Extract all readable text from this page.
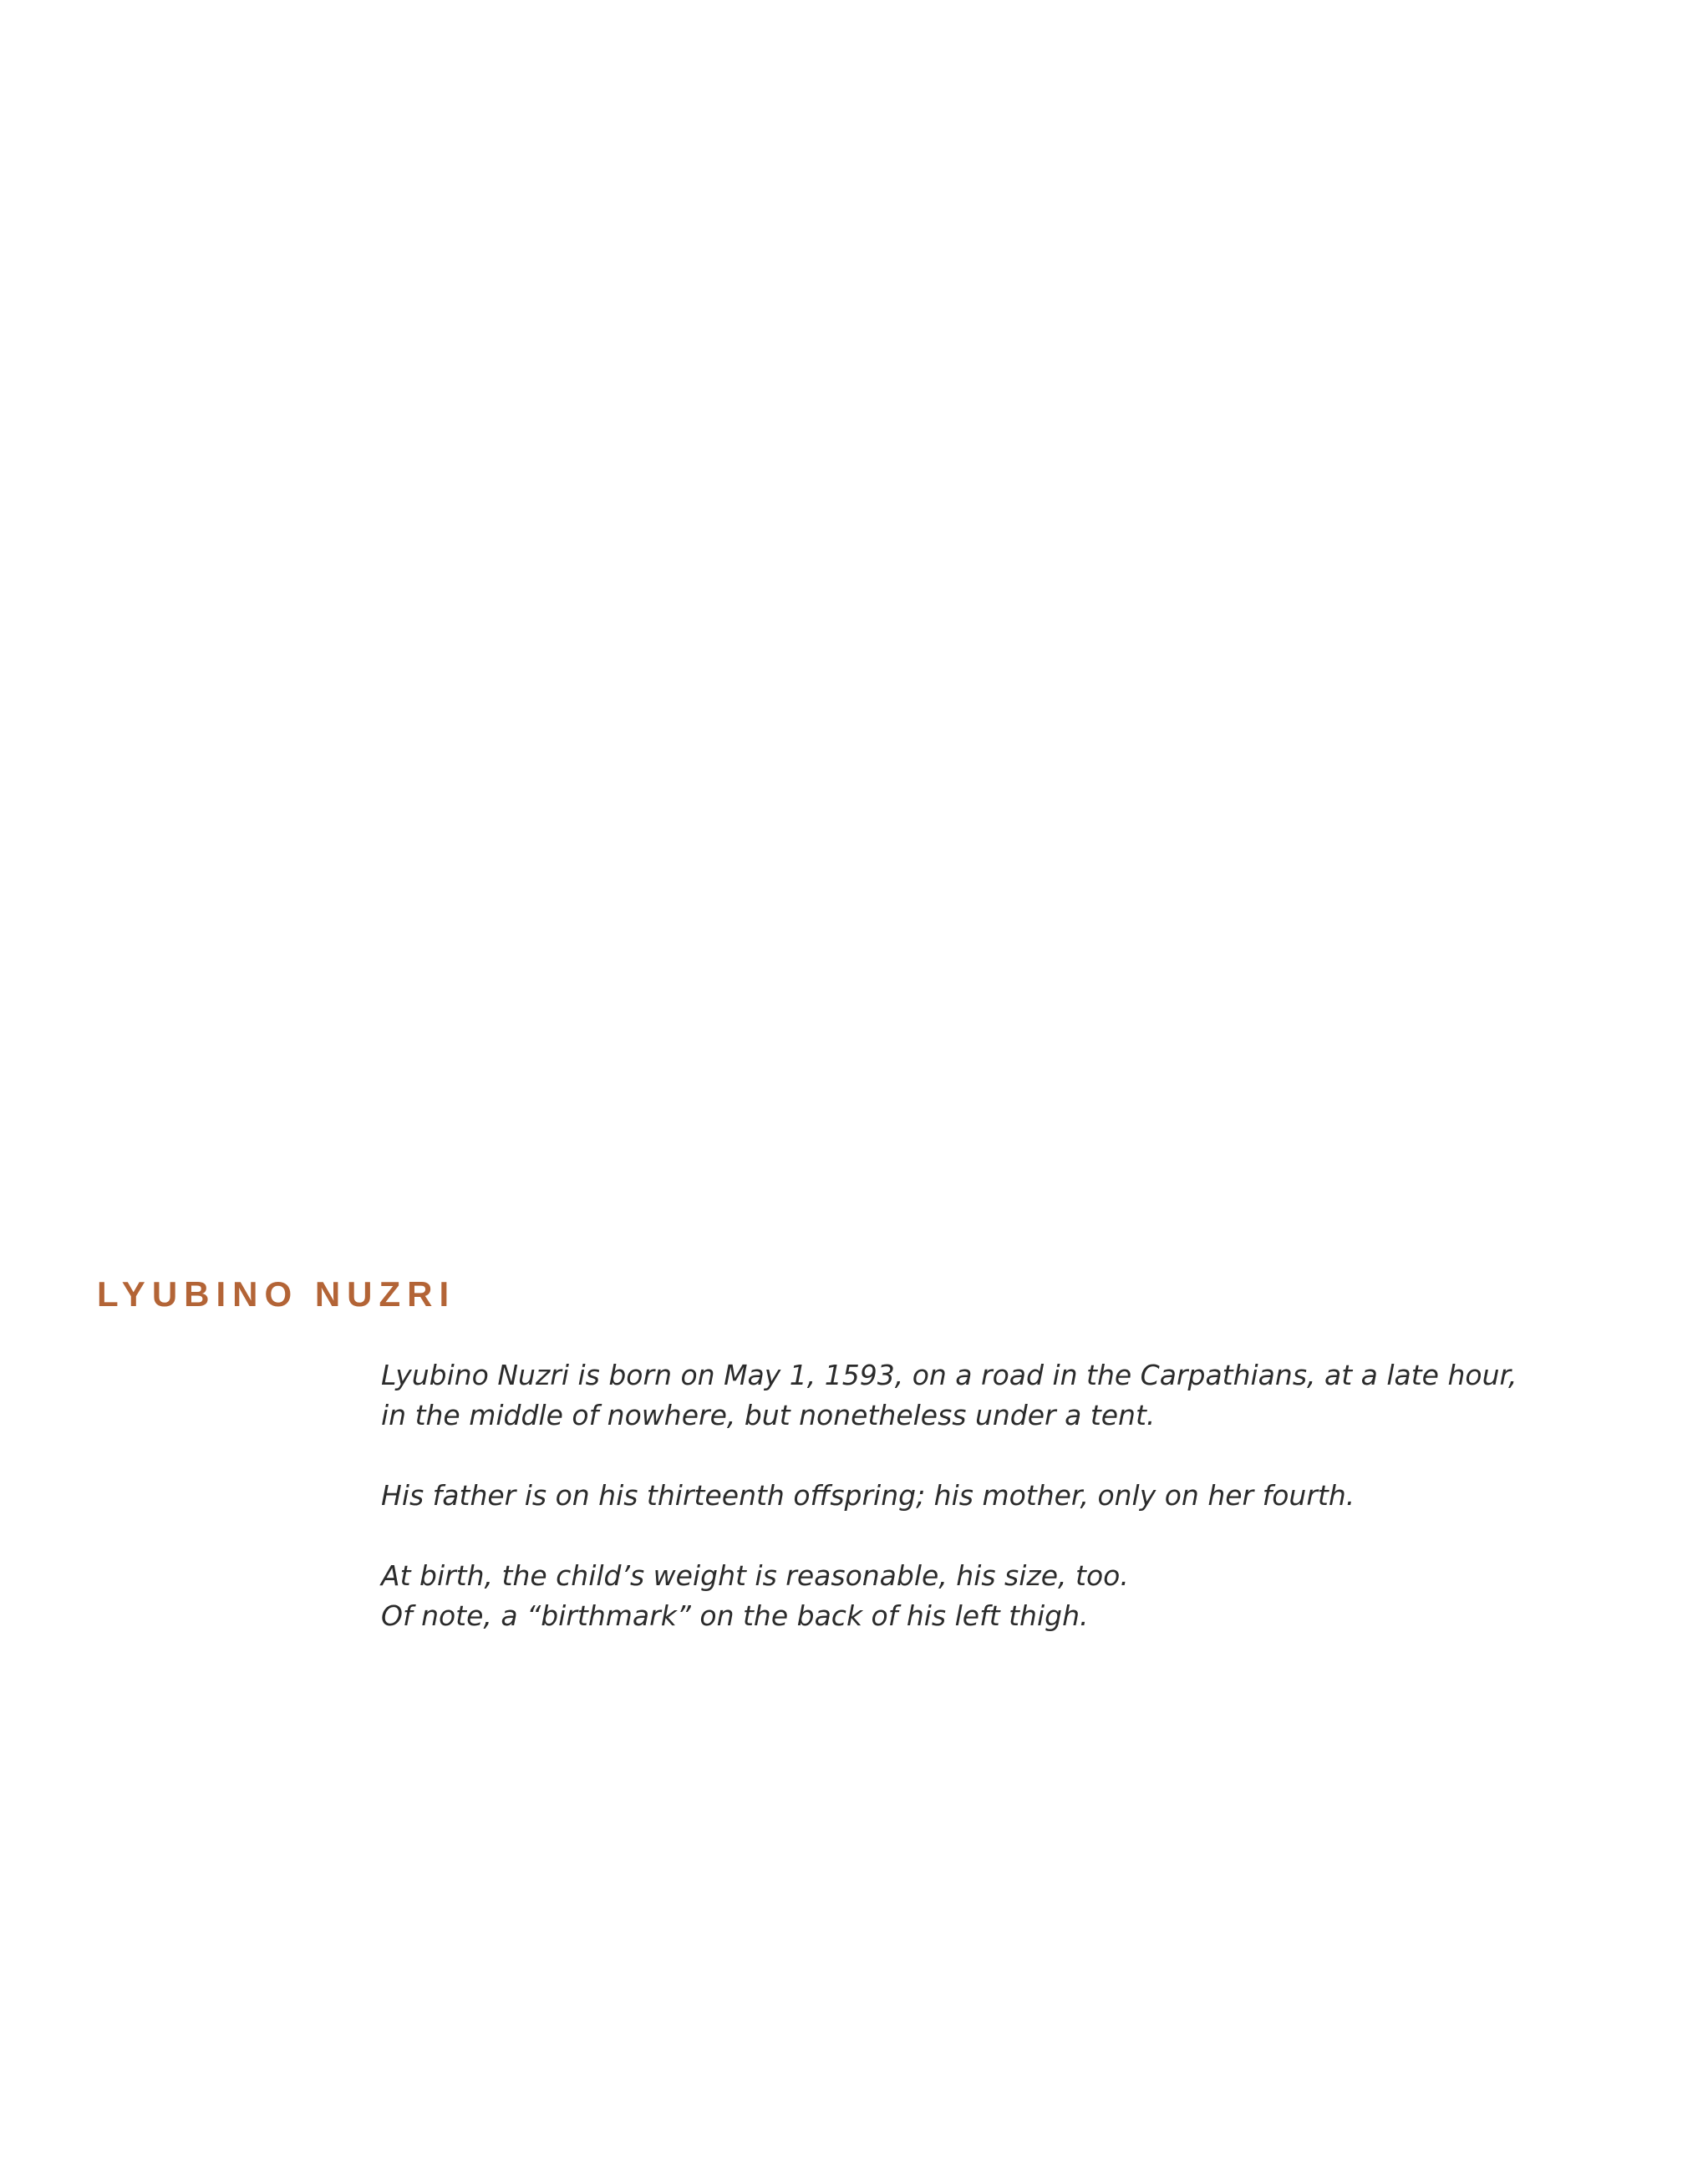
LYUBINO NUZRI

Lyubino Nuzri is born on May 1, 1593, on a road in the Carpathians, at a late hour,
in the middle of nowhere, but nonetheless under a tent.

His father is on his thirteenth offspring; his mother, only on her fourth.

At birth, the child’s weight is reasonable, his size, too.
Of note, a “birthmark” on the back of his left thigh.
